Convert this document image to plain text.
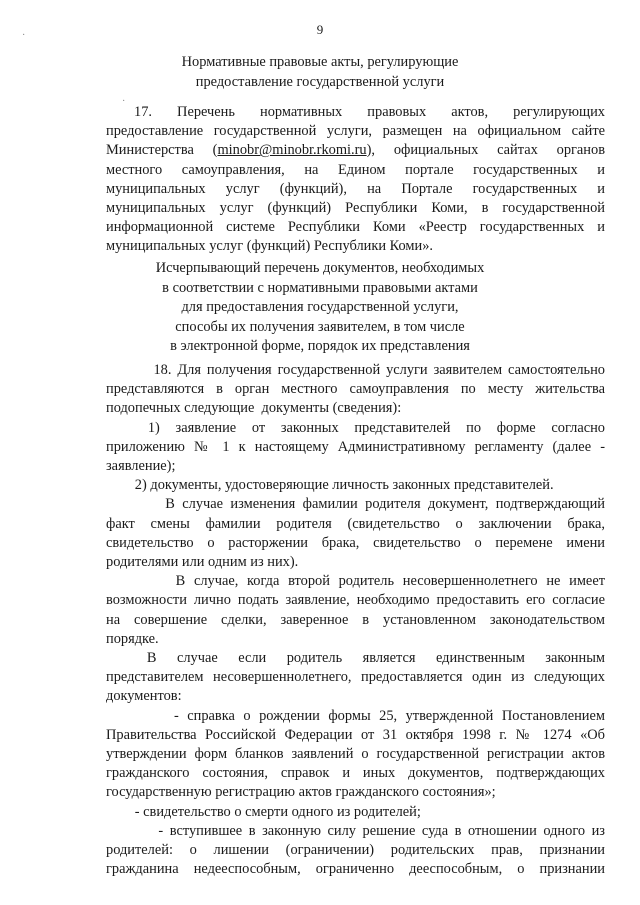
9
·
·
Нормативные правовые акты, регулирующие
предоставление государственной услуги

17. Перечень нормативных правовых актов, регулирующих
предоставление государственной услуги, размещен на официальном сайте
Министерства (minobr@minobr.rkomi.ru), официальных сайтах органов
местного самоуправления, на Едином портале государственных и
муниципальных услуг (функций), на Портале государственных и
муниципальных услуг (функций) Республики Коми, в государственной
информационной системе Республики Коми «Реестр государственных и
муниципальных услуг (функций) Республики Коми».

Исчерпывающий перечень документов, необходимых
в соответствии с нормативными правовыми актами
для предоставления государственной услуги,
способы их получения заявителем, в том числе
в электронной форме, порядок их представления
18. Для получения государственной услуги заявителем самостоятельно
представляются в орган местного самоуправления по месту жительства
подопечных следующие  документы (сведения):
1)   заявление   от   законных   представителей   по   форме   согласно
приложению № 1 к настоящему Административному регламенту (далее -
заявление);
2) документы, удостоверяющие личность законных представителей.
В случае изменения фамилии родителя документ, подтверждающий
факт смены фамилии родителя (свидетельство о заключении брака,
свидетельство о расторжении брака, свидетельство о перемене имени
родителями или одним из них).
В случае, когда второй родитель несовершеннолетнего не имеет
возможности лично подать заявление, необходимо предоставить его согласие
на совершение сделки, заверенное в установленном законодательством
порядке.
В    случае    если    родитель    является    единственным    законным
представителем несовершеннолетнего, предоставляется один из следующих
документов:
- справка о рождении формы 25, утвержденной Постановлением
Правительства Российской Федерации от 31 октября 1998 г. № 1274 «Об
утверждении форм бланков заявлений о государственной регистрации актов
гражданского состояния, справок и иных документов, подтверждающих
государственную регистрацию актов гражданского состояния»;
- свидетельство о смерти одного из родителей;
- вступившее в законную силу решение суда в отношении одного из
родителей: о лишении (ограничении) родительских прав, признании
гражданина недееспособным, ограниченно дееспособным, о признании
